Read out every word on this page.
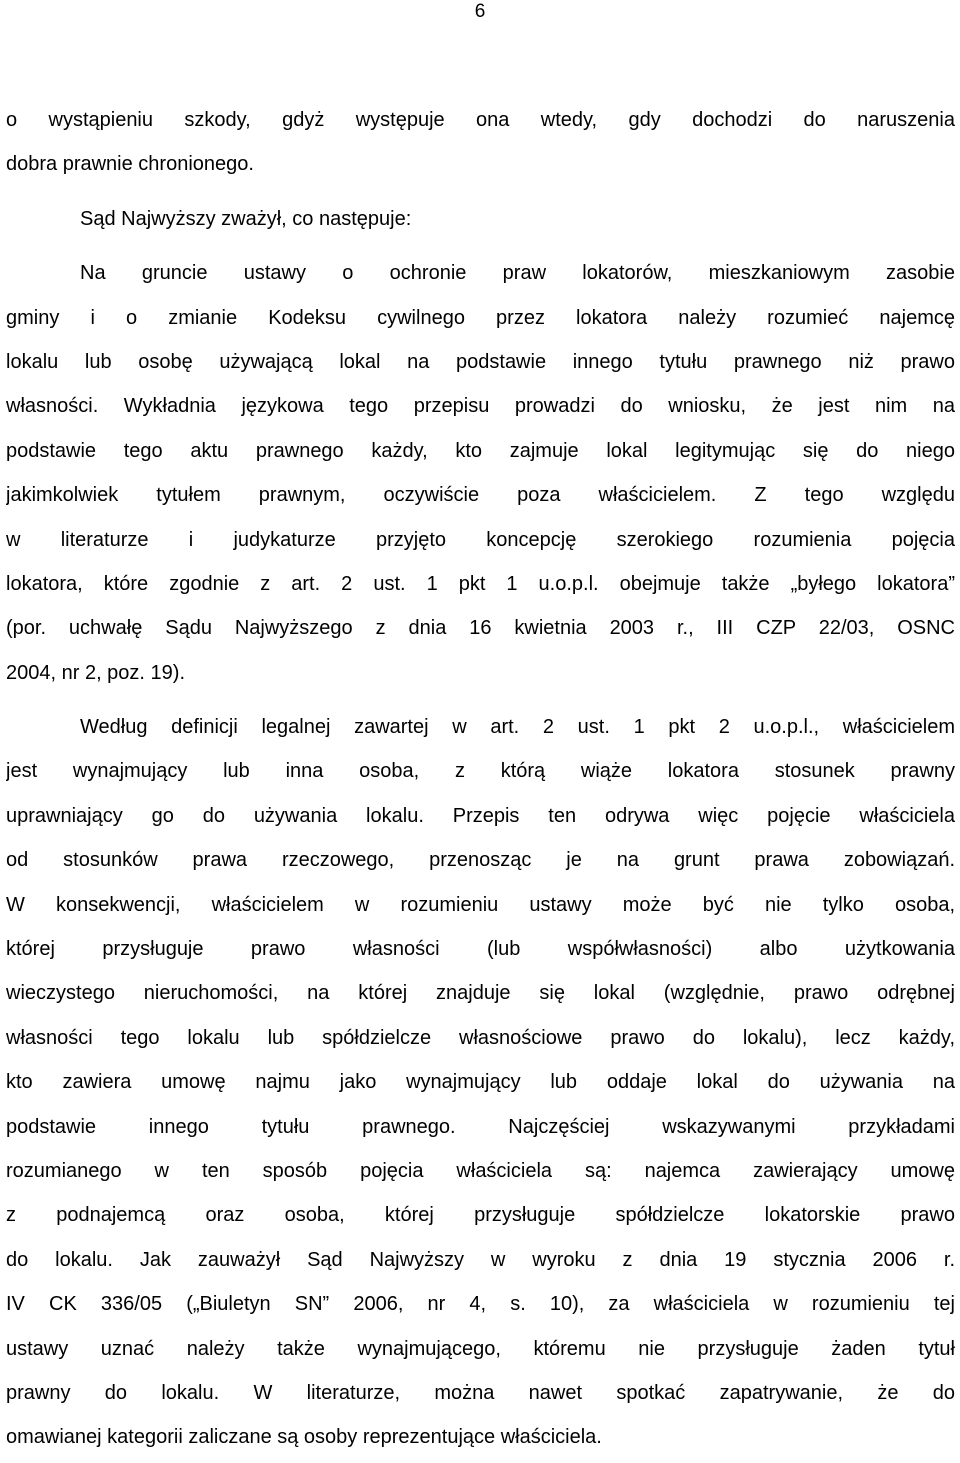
6
o wystąpieniu szkody, gdyż występuje ona wtedy, gdy dochodzi do naruszenia
dobra prawnie chronionego.
Sąd Najwyższy zważył, co następuje:
Na gruncie ustawy o ochronie praw lokatorów, mieszkaniowym zasobie
gminy i o zmianie Kodeksu cywilnego przez lokatora należy rozumieć najemcę
lokalu lub osobę używającą lokal na podstawie innego tytułu prawnego niż prawo
własności. Wykładnia językowa tego przepisu prowadzi do wniosku, że jest nim na
podstawie tego aktu prawnego każdy, kto zajmuje lokal legitymując się do niego
jakimkolwiek tytułem prawnym, oczywiście poza właścicielem. Z tego względu
w literaturze i judykaturze przyjęto koncepcję szerokiego rozumienia pojęcia
lokatora, które zgodnie z art. 2 ust. 1 pkt 1 u.o.p.l. obejmuje także „byłego lokatora”
(por. uchwałę Sądu Najwyższego z dnia 16 kwietnia 2003 r., III CZP 22/03, OSNC
2004, nr 2, poz. 19).
Według definicji legalnej zawartej w art. 2 ust. 1 pkt 2 u.o.p.l., właścicielem
jest wynajmujący lub inna osoba, z którą wiąże lokatora stosunek prawny
uprawniający go do używania lokalu. Przepis ten odrywa więc pojęcie właściciela
od stosunków prawa rzeczowego, przenosząc je na grunt prawa zobowiązań.
W konsekwencji, właścicielem w rozumieniu ustawy może być nie tylko osoba,
której przysługuje prawo własności (lub współwłasności) albo użytkowania
wieczystego nieruchomości, na której znajduje się lokal (względnie, prawo odrębnej
własności tego lokalu lub spółdzielcze własnościowe prawo do lokalu), lecz każdy,
kto zawiera umowę najmu jako wynajmujący lub oddaje lokal do używania na
podstawie innego tytułu prawnego. Najczęściej wskazywanymi przykładami
rozumianego w ten sposób pojęcia właściciela są: najemca zawierający umowę
z podnajemcą oraz osoba, której przysługuje spółdzielcze lokatorskie prawo
do lokalu. Jak zauważył Sąd Najwyższy w wyroku z dnia 19 stycznia 2006 r.
IV CK 336/05 („Biuletyn SN” 2006, nr 4, s. 10), za właściciela w rozumieniu tej
ustawy uznać należy także wynajmującego, któremu nie przysługuje żaden tytuł
prawny do lokalu. W literaturze, można nawet spotkać zapatrywanie, że do
omawianej kategorii zaliczane są osoby reprezentujące właściciela.
